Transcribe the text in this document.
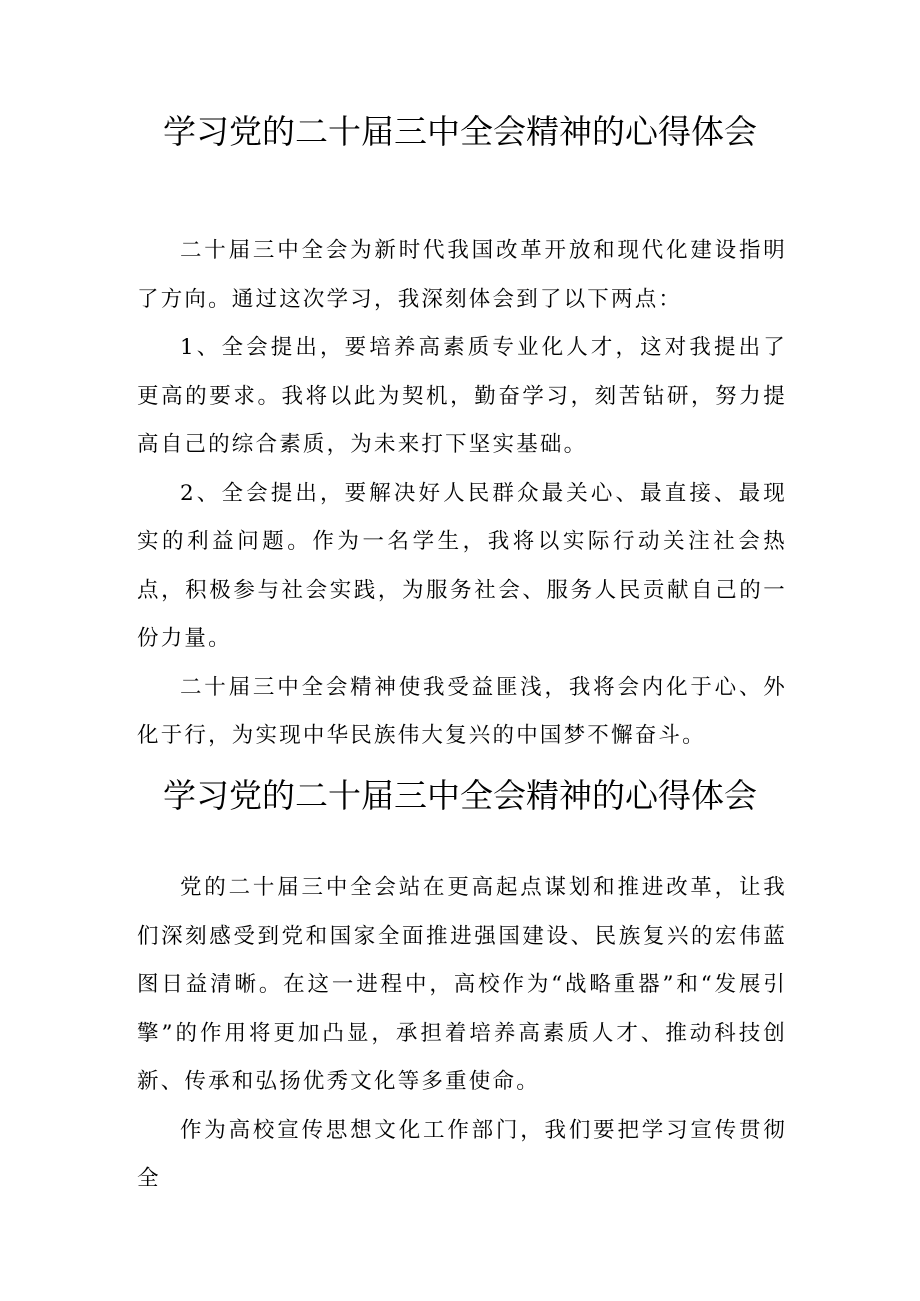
学习党的二十届三中全会精神的心得体会

二十届三中全会为新时代我国改革开放和现代化建设指明了方向。通过这次学习，我深刻体会到了以下两点：

1、全会提出，要培养高素质专业化人才，这对我提出了更高的要求。我将以此为契机，勤奋学习，刻苦钻研，努力提高自己的综合素质，为未来打下坚实基础。

2、全会提出，要解决好人民群众最关心、最直接、最现实的利益问题。作为一名学生，我将以实际行动关注社会热点，积极参与社会实践，为服务社会、服务人民贡献自己的一份力量。

二十届三中全会精神使我受益匪浅，我将会内化于心、外化于行，为实现中华民族伟大复兴的中国梦不懈奋斗。

学习党的二十届三中全会精神的心得体会

党的二十届三中全会站在更高起点谋划和推进改革，让我们深刻感受到党和国家全面推进强国建设、民族复兴的宏伟蓝图日益清晰。在这一进程中，高校作为“战略重器”和“发展引擎”的作用将更加凸显，承担着培养高素质人才、推动科技创新、传承和弘扬优秀文化等多重使命。

作为高校宣传思想文化工作部门，我们要把学习宣传贯彻全
